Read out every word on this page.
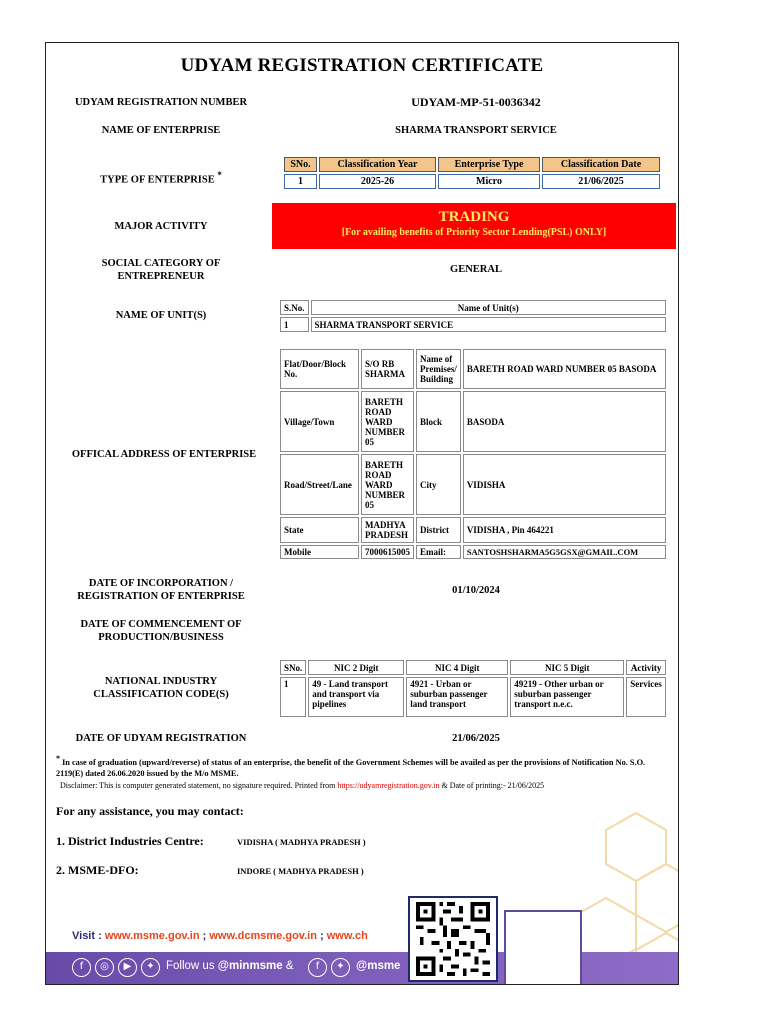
UDYAM REGISTRATION CERTIFICATE
UDYAM REGISTRATION NUMBER	UDYAM-MP-51-0036342
NAME OF ENTERPRISE	SHARMA TRANSPORT SERVICE
TYPE OF ENTERPRISE *
SNo.	Classification Year	Enterprise Type	Classification Date
1	2025-26	Micro	21/06/2025
MAJOR ACTIVITY
TRADING
[For availing benefits of Priority Sector Lending(PSL) ONLY]
SOCIAL CATEGORY OF
ENTREPRENEUR
GENERAL
NAME OF UNIT(S)
S.No.	Name of Unit(s)
1	SHARMA TRANSPORT SERVICE
OFFICAL ADDRESS OF ENTERPRISE
Flat/Door/Block No.	S/O RB SHARMA	Name of Premises/ Building	BARETH ROAD WARD NUMBER 05 BASODA
Village/Town	BARETH ROAD WARD NUMBER 05	Block	BASODA
Road/Street/Lane	BARETH ROAD WARD NUMBER 05	City	VIDISHA
State	MADHYA PRADESH	District	VIDISHA , Pin 464221
Mobile	7000615005	Email:	SANTOSHSHARMA5G5GSX@GMAIL.COM
DATE OF INCORPORATION /
REGISTRATION OF ENTERPRISE	01/10/2024
DATE OF COMMENCEMENT OF
PRODUCTION/BUSINESS
NATIONAL INDUSTRY
CLASSIFICATION CODE(S)
SNo.	NIC 2 Digit	NIC 4 Digit	NIC 5 Digit	Activity
1	49 - Land transport and transport via pipelines	4921 - Urban or suburban passenger land transport	49219 - Other urban or suburban passenger transport n.e.c.	Services
DATE OF UDYAM REGISTRATION	21/06/2025
* In case of graduation (upward/reverse) of status of an enterprise, the benefit of the Government Schemes will be availed as per the provisions of Notification No. S.O. 2119(E) dated 26.06.2020 issued by the M/o MSME.
Disclaimer: This is computer generated statement, no signature required. Printed from https://udyamregistration.gov.in & Date of printing:- 21/06/2025
For any assistance, you may contact:
1. District Industries Centre:	VIDISHA ( MADHYA PRADESH )
2. MSME-DFO:	INDORE ( MADHYA PRADESH )
Visit : www.msme.gov.in ; www.dcmsme.gov.in ; www.ch
f	◎	▶	✦ Follow us @minmsme &	f	✦ @msme
